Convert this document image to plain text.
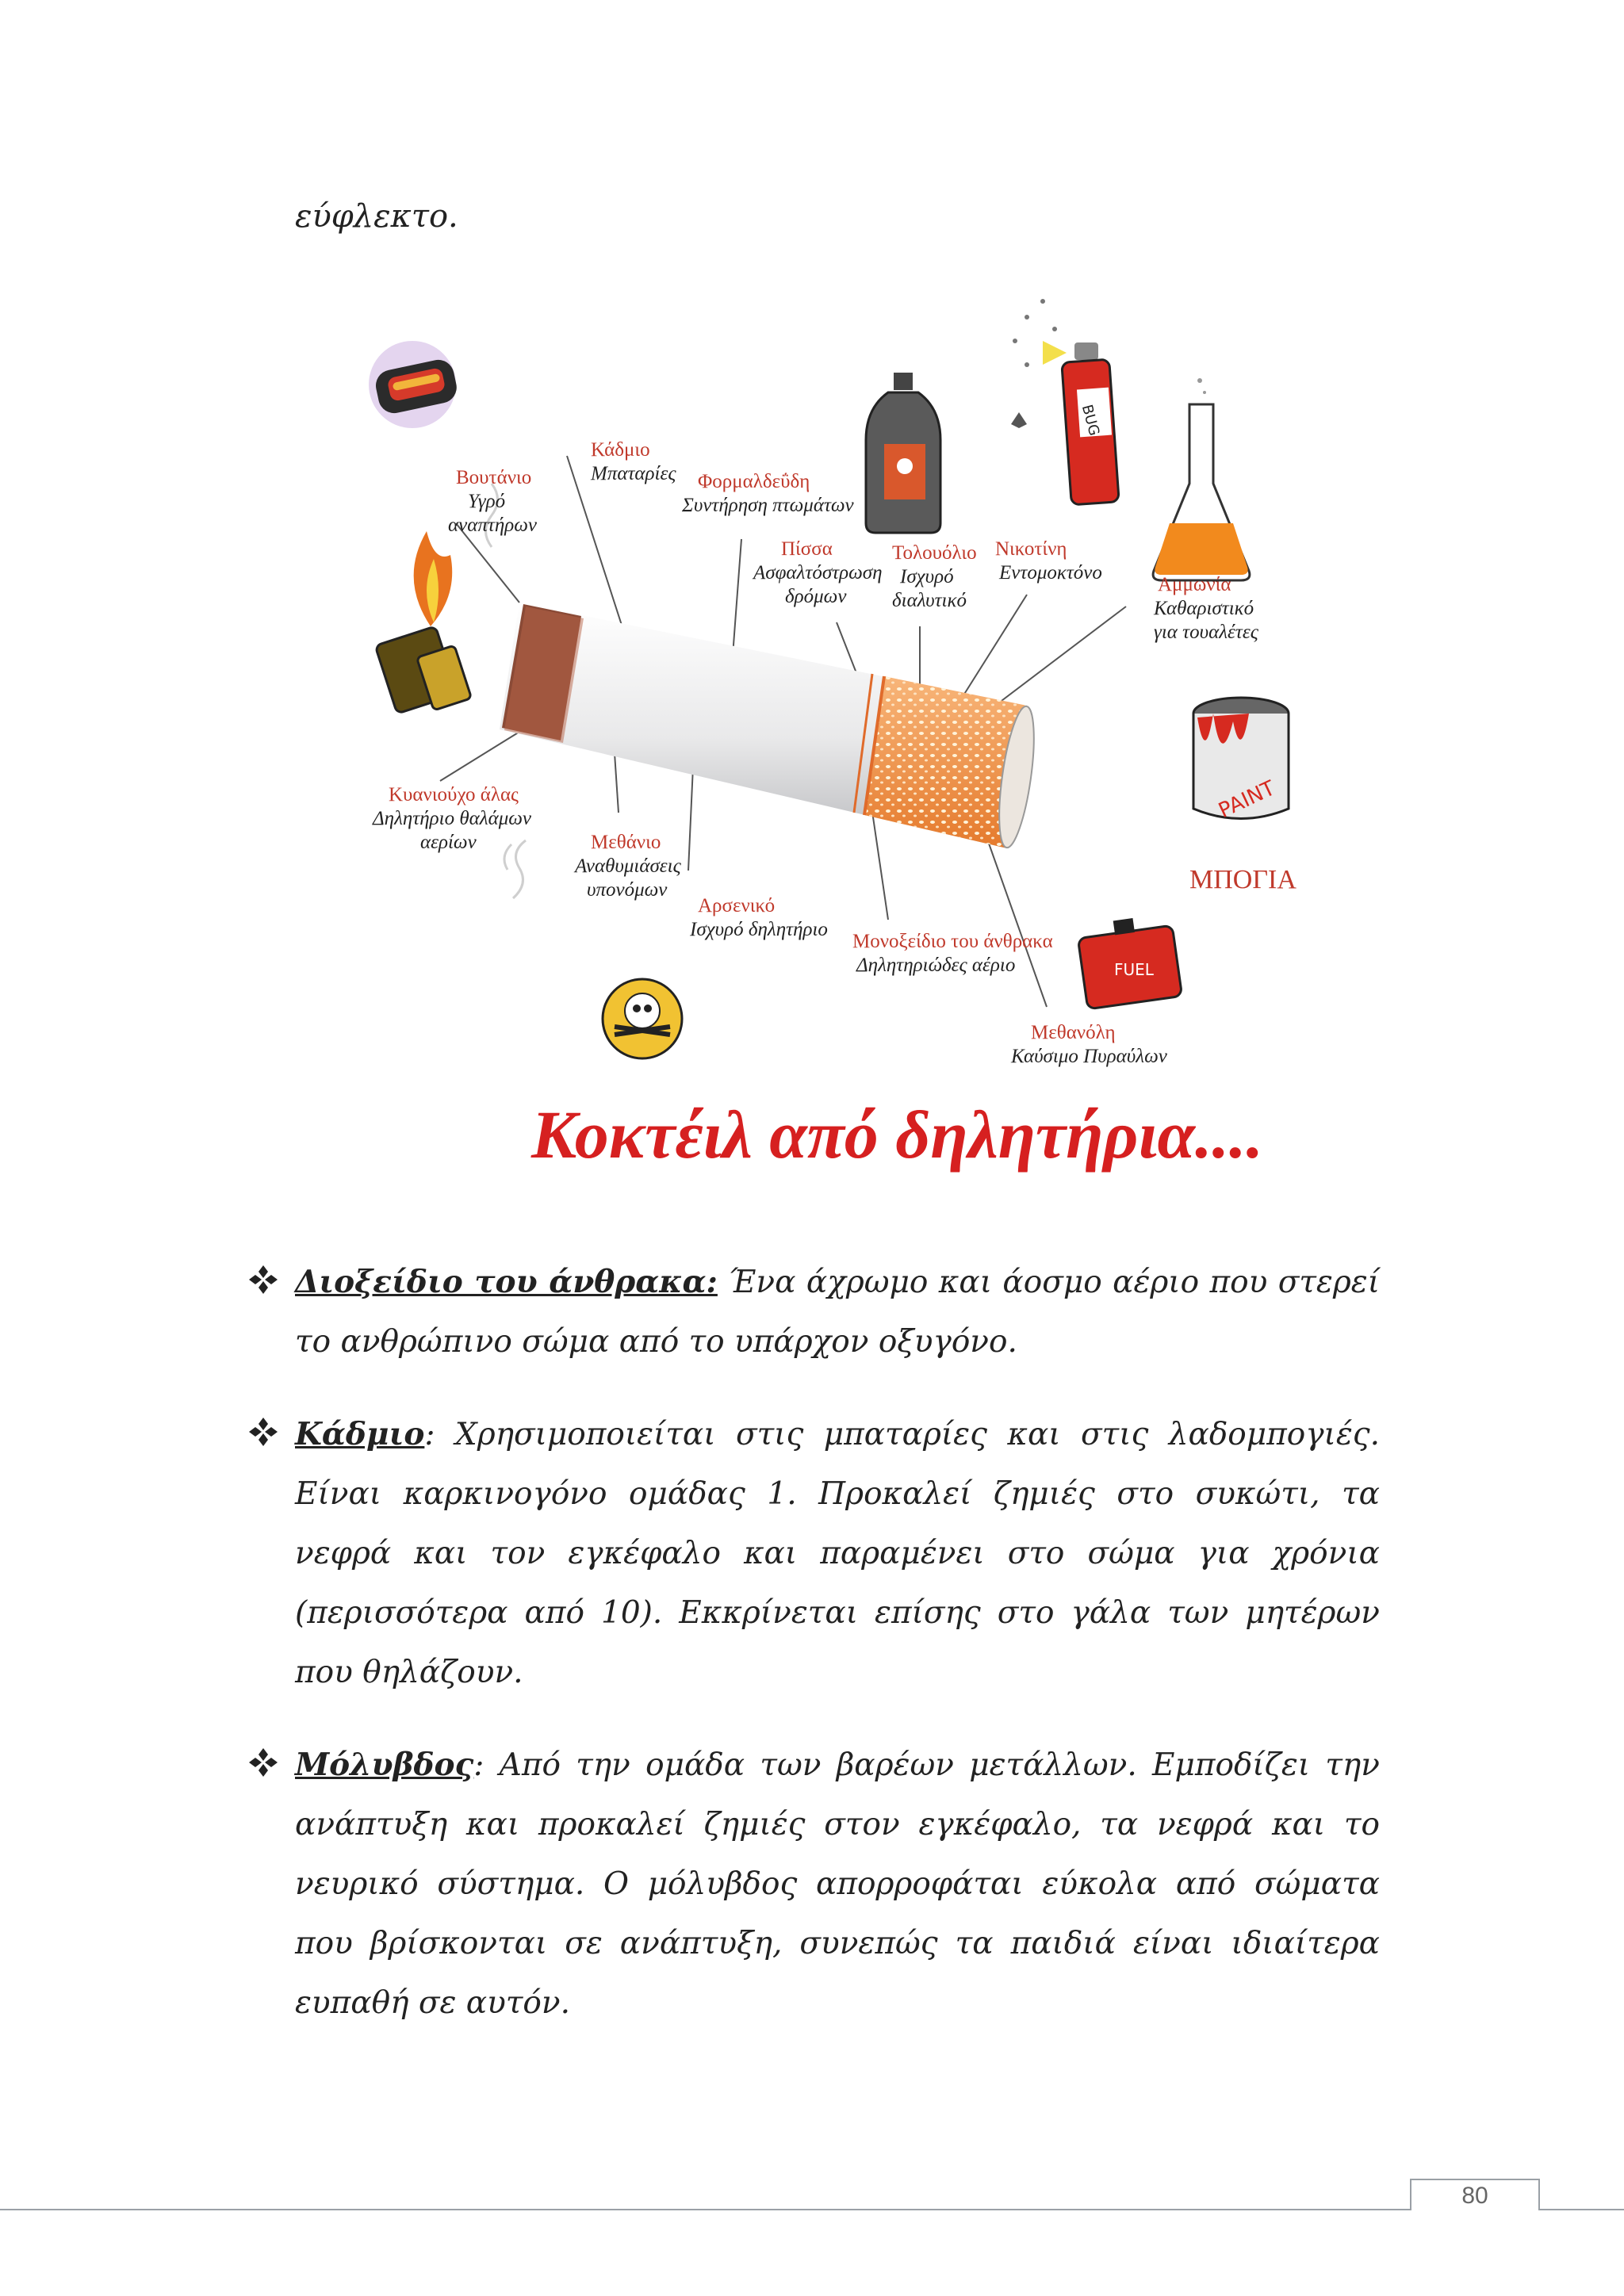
εύφλεκτο.
BUG
PAINT
ΜΠΟΓΙΑ
FUEL
Βουτάνιο
Υγρό
αναπτήρων
Κάδμιο
Μπαταρίες Φορμαλδεΰδη
Συντήρηση πτωμάτων
Πίσσα
Ασφαλτόστρωση
δρόμων
Τολουόλιο
Ισχυρό
διαλυτικό
Νικοτίνη
Εντομοκτόνο
Αμμωνία
Καθαριστικό
για τουαλέτες
Κυανιούχο άλας
Δηλητήριο θαλάμων
αερίων	Μεθάνιο
Αναθυμιάσεις
υπονόμων
Αρσενικό
Ισχυρό δηλητήριο
Μονοξείδιο του άνθρακα
Δηλητηριώδες αέριο
Μεθανόλη
Καύσιμο Πυραύλων
Κοκτέιλ από δηλητήρια....

Διοξείδιο του άνθρακα: Ένα άχρωμο και άοσμο αέριο που στερεί το ανθρώπινο σώμα από το υπάρχον οξυγόνο.

Κάδμιο: Χρησιμοποιείται στις μπαταρίες και στις λαδομπογιές. Είναι καρκινογόνο ομάδας 1. Προκαλεί ζημιές στο συκώτι, τα νεφρά και τον εγκέφαλο και παραμένει στο σώμα για χρόνια (περισσότερα από 10). Εκκρίνεται επίσης στο γάλα των μητέρων που θηλάζουν.

Μόλυβδος: Από την ομάδα των βαρέων μετάλλων. Εμποδίζει την ανάπτυξη και προκαλεί ζημιές στον εγκέφαλο, τα νεφρά και το νευρικό σύστημα. Ο μόλυβδος απορροφάται εύκολα από σώματα που βρίσκονται σε ανάπτυξη, συνεπώς τα παιδιά είναι ιδιαίτερα ευπαθή σε αυτόν.

80
